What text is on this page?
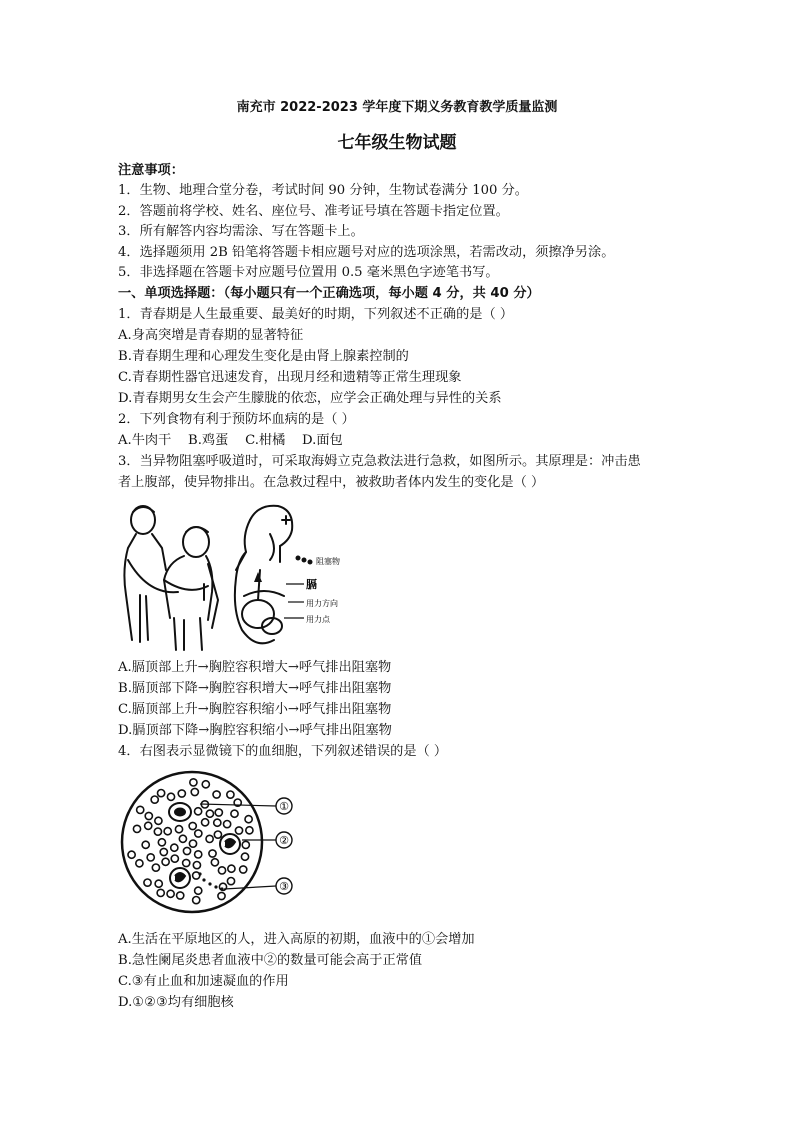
南充市 2022-2023 学年度下期义务教育教学质量监测
七年级生物试题
注意事项：
1．生物、地理合堂分卷，考试时间 90 分钟，生物试卷满分 100 分。
2．答题前将学校、姓名、座位号、准考证号填在答题卡指定位置。
3．所有解答内容均需涂、写在答题卡上。
4．选择题须用 2B 铅笔将答题卡相应题号对应的选项涂黑，若需改动，须擦净另涂。
5．非选择题在答题卡对应题号位置用 0.5 毫米黑色字迹笔书写。
一、单项选择题：（每小题只有一个正确选项，每小题 4 分，共 40 分）
1．青春期是人生最重要、最美好的时期，下列叙述不正确的是（ ）
A.身高突增是青春期的显著特征
B.青春期生理和心理发生变化是由肾上腺素控制的
C.青春期性器官迅速发育，出现月经和遗精等正常生理现象
D.青春期男女生会产生朦胧的依恋，应学会正确处理与异性的关系
2．下列食物有利于预防坏血病的是（ ）
A.牛肉干    B.鸡蛋    C.柑橘    D.面包
3．当异物阻塞呼吸道时，可采取海姆立克急救法进行急救，如图所示。其原理是：冲击患
者上腹部，使异物排出。在急救过程中，被救助者体内发生的变化是（ ）
阻塞物
膈
用力方向
用力点
A.膈顶部上升→胸腔容积增大→呼气排出阻塞物
B.膈顶部下降→胸腔容积增大→呼气排出阻塞物
C.膈顶部上升→胸腔容积缩小→呼气排出阻塞物
D.膈顶部下降→胸腔容积缩小→呼气排出阻塞物
4．右图表示显微镜下的血细胞，下列叙述错误的是（ ）
①
②
③
A.生活在平原地区的人，进入高原的初期，血液中的①会增加
B.急性阑尾炎患者血液中②的数量可能会高于正常值
C.③有止血和加速凝血的作用
D.①②③均有细胞核
